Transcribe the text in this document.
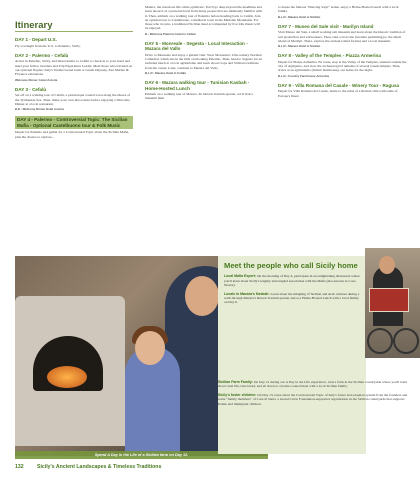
Itinerary
DAY 1 - Depart U.S.
Fly overnight from the U.S. to Palermo, Sicily.
DAY 2 - Palermo - Cefalù
Arrive in Palermo, Sicily, and then transfer to Cefalù to check in to your hotel and meet your fellow travelers and Trip Experience Leader. Meet those who traveled on our optional Naples: Italy's Undiscovered Gem or Greek Odyssey, Zen Marino & Florence extensions.
Welcome Dinner; Hotel Astoria
DAY 3 - Cefalù
Set off on a walking tour of Cefalù, a picturesque coastal town along the shores of the Tyrrhenian Sea. Then, make your own discoveries before enjoying a Welcome Dinner at a local restaurant.
B,D • Welcome Dinner Hotel Astoria
DAY 4 - Palermo - Controversial Topic: The Sicilian Mafia - Optional Castelbuono tour & Folk Music
Depart for Palermo and gather for a Controversial Topic about the Sicilian Mafia, plus the chance to explore...
Mantra, the notorious life crime syndicate. You'll go deep beyond the headlines and learn about it as a personal level from many people that are intimately familiar with it. Then, embark on a walking tour of Palermo before heading back to Cefalù. Join an optional tour to Castelbuono, a medieval town in the Madonie Mountains. For those who do join, a traditional Sicilian meal accompanied by live folk music will be enjoyed.
B • Welcome Palermo Hotel in Cefalù
DAY 5 - Monreale - Segesta - Local Interaction - Mazara del Vallo
Drive to Monreale and enjoy a guided visit. View Monreale's 12th-century Norman Cathedral, which sits in the hills overlooking Palermo. Then, head to Segesta for an included lunch at a local agriturismo and learn about crops and Sicilian traditions from the owner. Later, continue to Mazara del Vallo.
B,L,D • Mazara Hotel in Cefalù
DAY 6 - Mazara walking tour - Tunisian Kasbah - Home-Hosted Lunch
Embark on a walking tour of Mazara. Its historic Kasbah quarter, we'll visit a museum built
to house the famous "Dancing Satyr" statue, enjoy a Home-Hosted Lunch with a local family.
B,L,D • Mazara Hotel in Sicilian
DAY 7 - Museo del Sale visit - Marilyn Island
Visit Museo del Sale, a small working salt museum and learn about the historic tradition of salt production and saltworkers. Then, take a boat ride (weather permitting) to the small island of Marilyn. There, explore the ancient island fortress and a local museum.
B,L,D • Mazara Hotel in Sicilian
DAY 8 - Valley of the Temples - Piazza Armerina
Depart for Piazza Armerina. En route, stop at the Valley of the Temples, situated outside the city of Agrigento, and view the archaeological remains of several Greek temples. Then, arrive at an agriturismo (Italian farmhouse), our home for the night.
B,L,D • Country Farmhouse Armerina
DAY 9 - Villa Romana del Casale - Winery Tour - Ragusa
Depart for Villa Romana del Casale, home to the ruins of a Roman villa with some of Europe's finest
Spend A Day in the Life of a Sicilian farm on Day 12.
Meet the people who call Sicily home
Local Mafia Expert: On the morning of Day 4, participate in an enlightening discussion where you'll learn about Sicily's lengthy and tangled association with the Mafia (also known as Cosa Nostra).
Locals in Mazara's Kasbah: Learn about the mingling of Sicilian and Arab cultures during a walk through Mazara's historic Kasbah quarter and at a Home-Hosted Lunch with a local family on Day 6.

Sicilian Farm Family: On Day 12 during our A Day in the Life experience, visit a farm in the Sicilian countryside where you'll learn about rural life, take bread, and sit down to a home-cooked meal with a local Sicilian family.

Sicily's foster children: On Day 13, learn about the Controversial Topic of Italy's foster and adoption system from the founders and some "family members" of Casa di Santa, a Grand Circle Foundation-supported organization in the Sicilian countryside that supports Italian and immigrant children.

132	Sicily's Ancient Landscapes & Timeless Traditions
